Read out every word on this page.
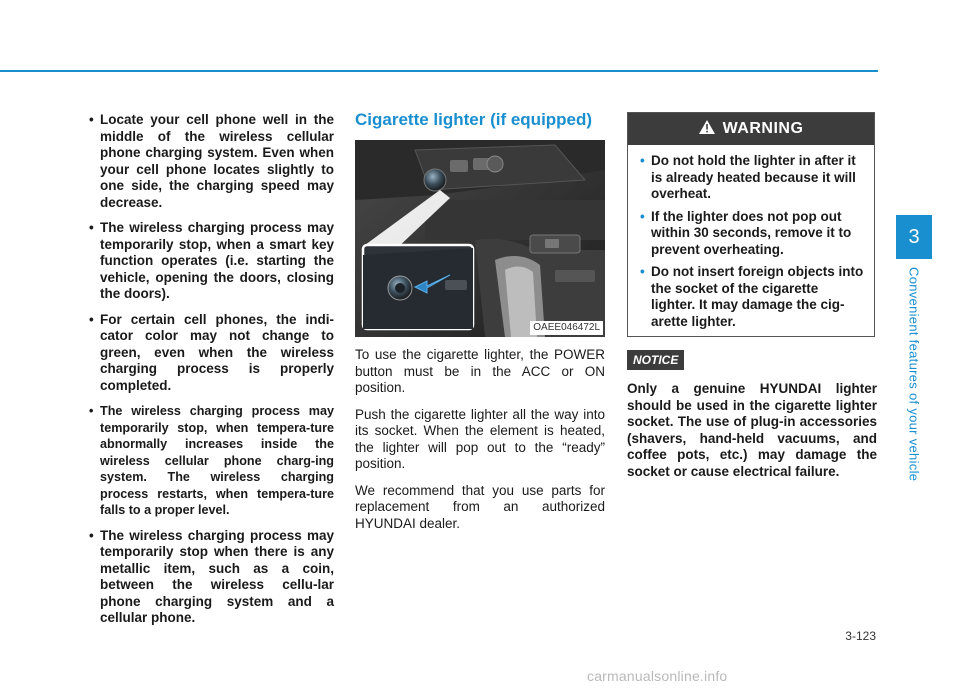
• Locate your cell phone well in the middle of the wireless cellular phone charging system. Even when your cell phone locates slightly to one side, the charging speed may decrease.
• The wireless charging process may temporarily stop, when a smart key function operates (i.e. starting the vehicle, opening the doors, closing the doors).
• For certain cell phones, the indi-cator color may not change to green, even when the wireless charging process is properly completed.
• The wireless charging process may temporarily stop, when tempera-ture abnormally increases inside the wireless cellular phone charg-ing system. The wireless charging process restarts, when tempera-ture falls to a proper level.
• The wireless charging process may temporarily stop when there is any metallic item, such as a coin, between the wireless cellu-lar phone charging system and a cellular phone.
Cigarette lighter (if equipped)
OAEE046472L

To use the cigarette lighter, the POWER button must be in the ACC or ON position.

Push the cigarette lighter all the way into its socket. When the element is heated, the lighter will pop out to the “ready” position.

We recommend that you use parts for replacement from an authorized HYUNDAI dealer.

WARNING
• Do not hold the lighter in after it is already heated because it will overheat.
• If the lighter does not pop out within 30 seconds, remove it to prevent overheating.
• Do not insert foreign objects into the socket of the cigarette lighter. It may damage the cig-arette lighter.
NOTICE

Only a genuine HYUNDAI lighter should be used in the cigarette lighter socket. The use of plug-in accessories (shavers, hand-held vacuums, and coffee pots, etc.) may damage the socket or cause electrical failure.

3
Convenient features of your vehicle
3-123
carmanualsonline.info
